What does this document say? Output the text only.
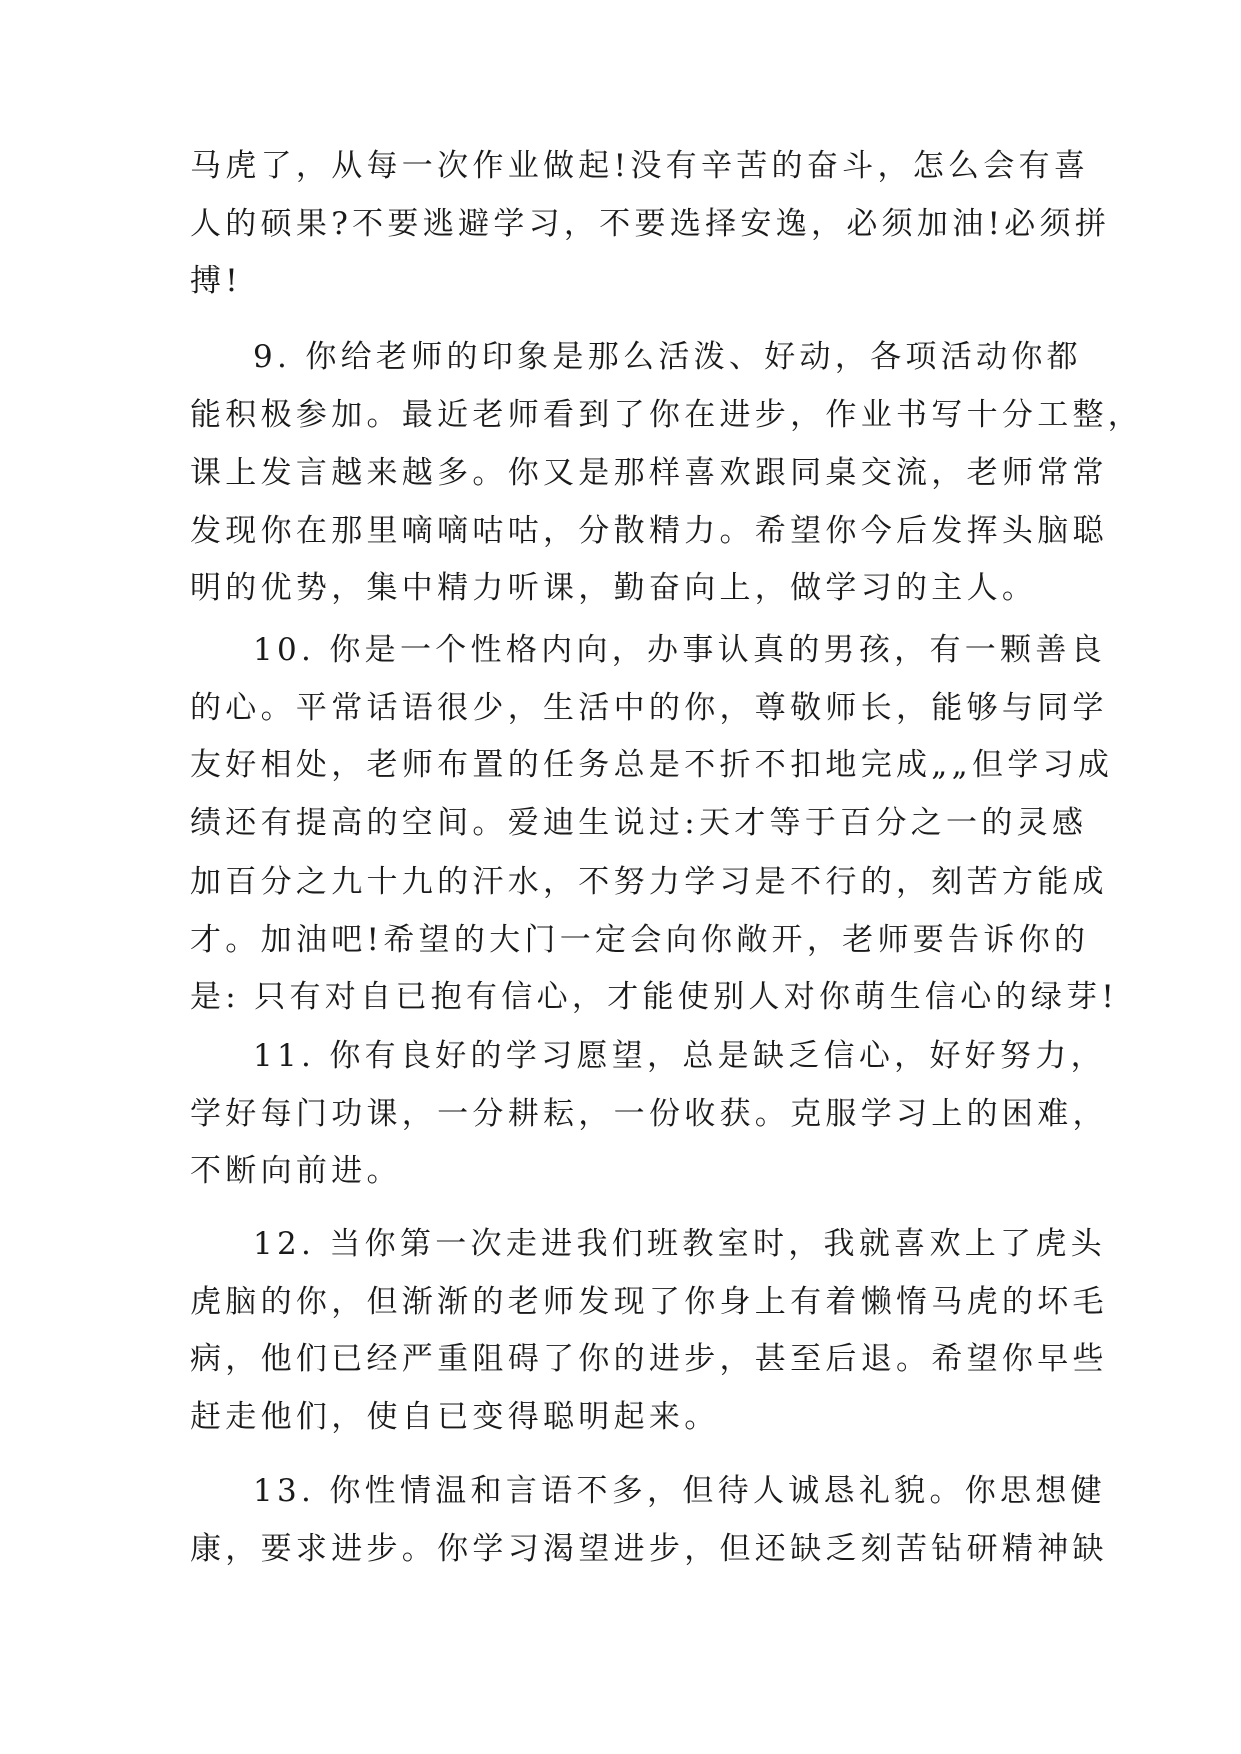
马虎了，从每一次作业做起!没有辛苦的奋斗，怎么会有喜
人的硕果?不要逃避学习，不要选择安逸，必须加油!必须拼
搏!
9. 你给老师的印象是那么活泼、好动，各项活动你都
能积极参加。最近老师看到了你在进步，作业书写十分工整，
课上发言越来越多。你又是那样喜欢跟同桌交流，老师常常
发现你在那里嘀嘀咕咕，分散精力。希望你今后发挥头脑聪
明的优势，集中精力听课，勤奋向上，做学习的主人。
10. 你是一个性格内向，办事认真的男孩，有一颗善良
的心。平常话语很少，生活中的你，尊敬师长，能够与同学
友好相处，老师布置的任务总是不折不扣地完成„„但学习成
绩还有提高的空间。爱迪生说过:天才等于百分之一的灵感
加百分之九十九的汗水，不努力学习是不行的，刻苦方能成
才。加油吧!希望的大门一定会向你敞开，老师要告诉你的
是: 只有对自已抱有信心，才能使别人对你萌生信心的绿芽!
11. 你有良好的学习愿望，总是缺乏信心，好好努力，
学好每门功课，一分耕耘，一份收获。克服学习上的困难，
不断向前进。
12. 当你第一次走进我们班教室时，我就喜欢上了虎头
虎脑的你，但渐渐的老师发现了你身上有着懒惰马虎的坏毛
病，他们已经严重阻碍了你的进步，甚至后退。希望你早些
赶走他们，使自已变得聪明起来。
13. 你性情温和言语不多，但待人诚恳礼貌。你思想健
康，要求进步。你学习渴望进步，但还缺乏刻苦钻研精神缺
